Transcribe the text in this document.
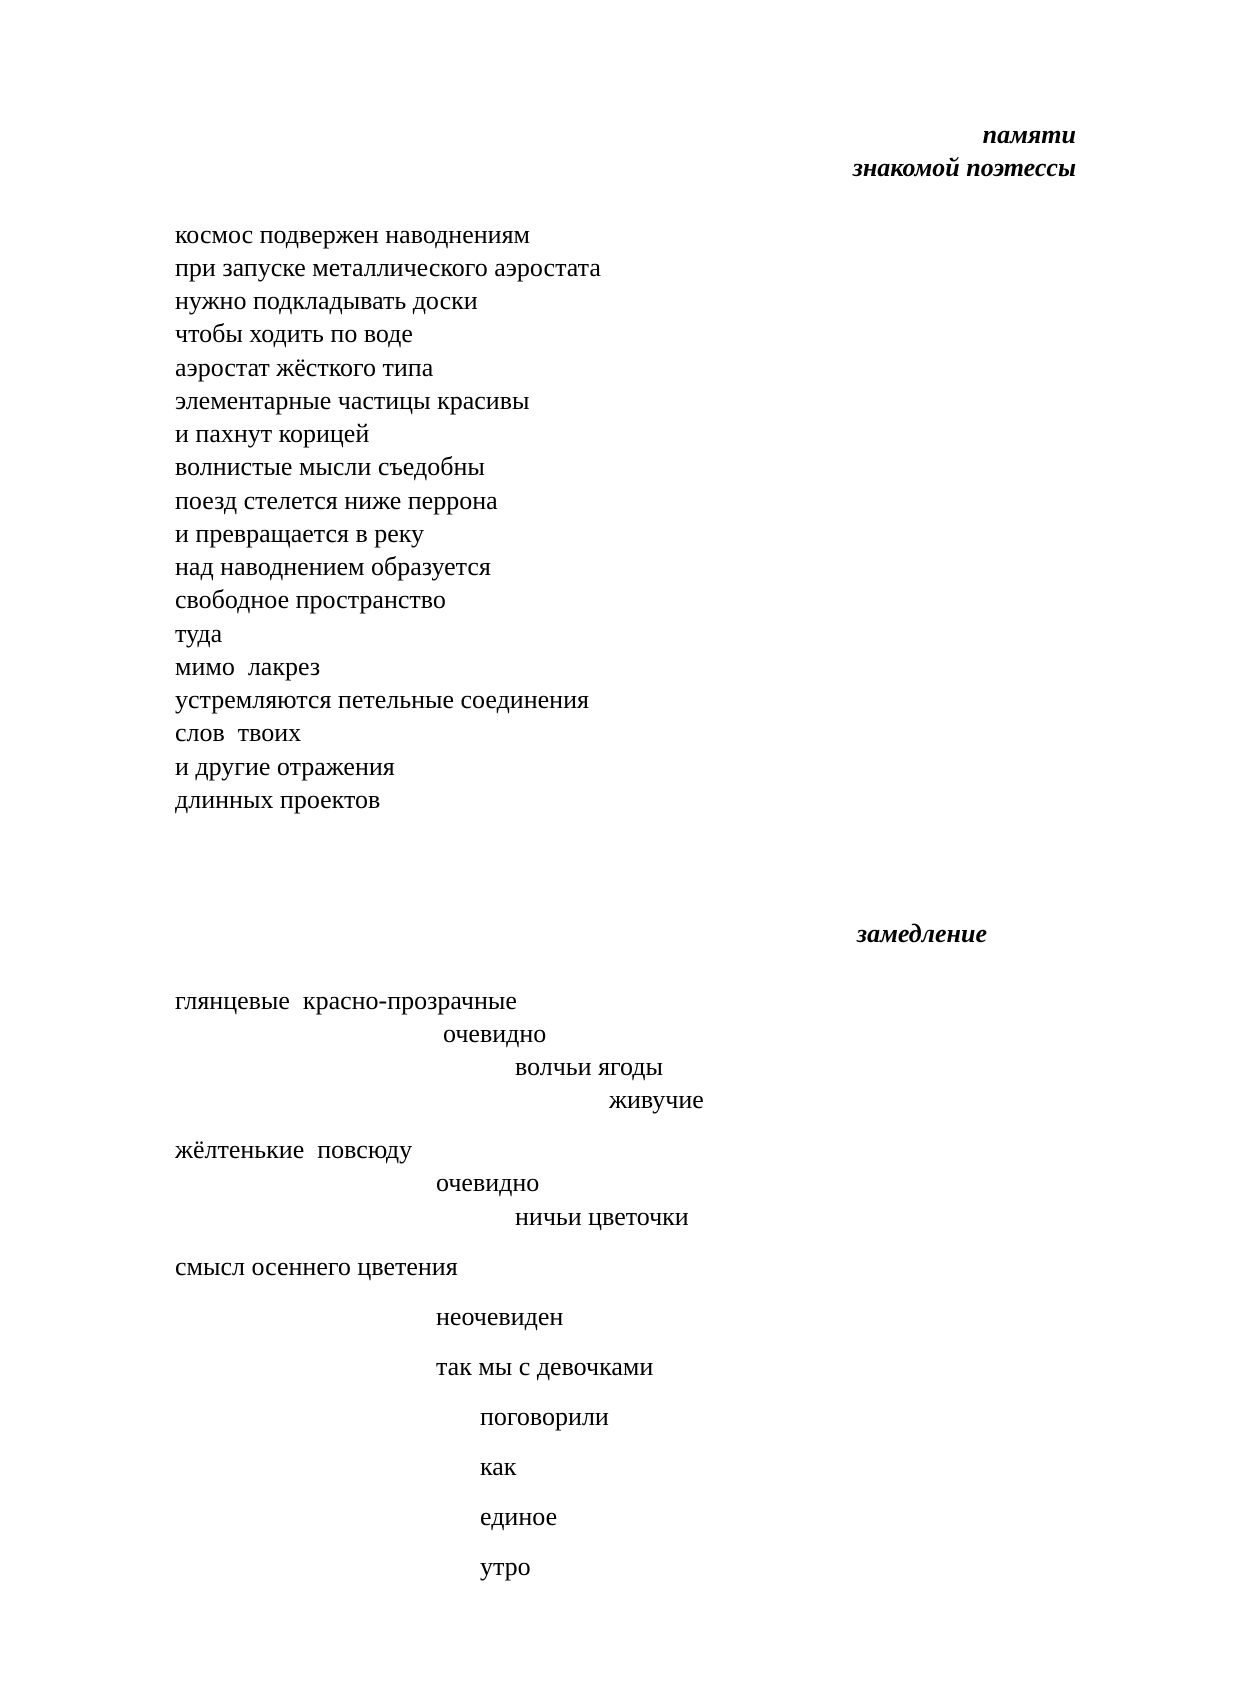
памяти
знакомой поэтессы
космос подвержен наводнениям
при запуске металлического аэростата
нужно подкладывать доски
чтобы ходить по воде
аэростат жёсткого типа
элементарные частицы красивы
и пахнут корицей
волнистые мысли съедобны
поезд стелется ниже перрона
и превращается в реку
над наводнением образуется
свободное пространство
туда
мимо  лакрез
устремляются петельные соединения
слов  твоих
и другие отражения
длинных проектов
замедление
глянцевые  красно-прозрачные
очевидно
волчьи ягоды
живучие
жёлтенькие  повсюду
очевидно
ничьи цветочки
смысл осеннего цветения
неочевиден
так мы с девочками
поговорили
как
единое
утро
